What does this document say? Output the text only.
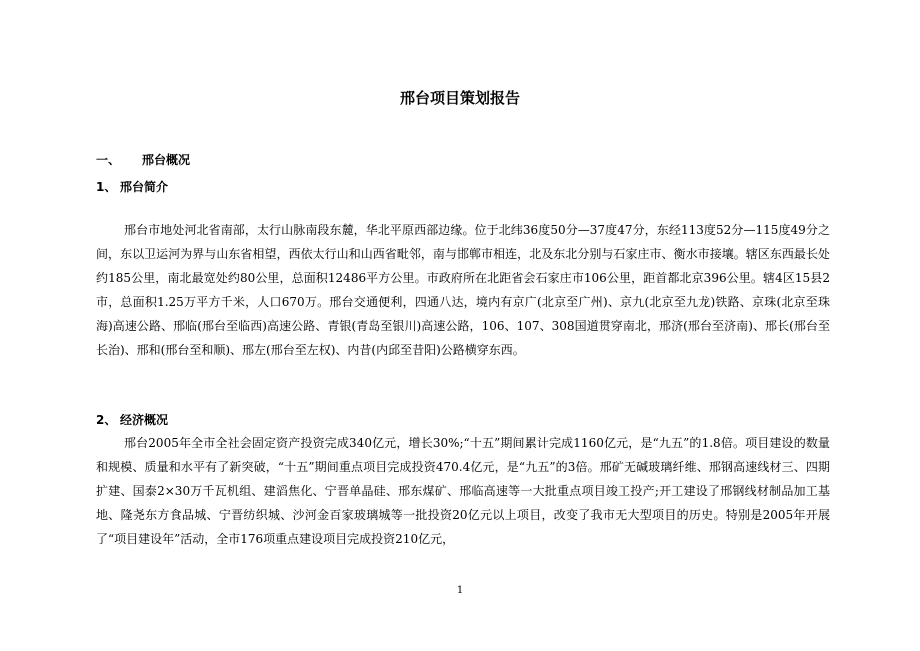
邢台项目策划报告
一、 邢台概况
1、 邢台简介

邢台市地处河北省南部，太行山脉南段东麓，华北平原西部边缘。位于北纬36度50分—37度47分，东经113度52分—115度49分之间，东以卫运河为界与山东省相望，西依太行山和山西省毗邻，南与邯郸市相连，北及东北分别与石家庄市、衡水市接壤。辖区东西最长处约185公里，南北最宽处约80公里，总面积12486平方公里。市政府所在北距省会石家庄市106公里，距首都北京396公里。辖4区15县2市，总面积1.25万平方千米，人口670万。邢台交通便利，四通八达，境内有京广(北京至广州)、京九(北京至九龙)铁路、京珠(北京至珠海)高速公路、邢临(邢台至临西)高速公路、青银(青岛至银川)高速公路，106、107、308国道贯穿南北，邢济(邢台至济南)、邢长(邢台至长治)、邢和(邢台至和顺)、邢左(邢台至左权)、内昔(内邱至昔阳)公路横穿东西。

2、 经济概况

邢台2005年全市全社会固定资产投资完成340亿元，增长30%;“十五”期间累计完成1160亿元，是“九五”的1.8倍。项目建设的数量和规模、质量和水平有了新突破，“十五”期间重点项目完成投资470.4亿元，是“九五”的3倍。邢矿无碱玻璃纤维、邢钢高速线材三、四期扩建、国泰2×30万千瓦机组、建滔焦化、宁晋单晶硅、邢东煤矿、邢临高速等一大批重点项目竣工投产;开工建设了邢钢线材制品加工基地、隆尧东方食品城、宁晋纺织城、沙河金百家玻璃城等一批投资20亿元以上项目，改变了我市无大型项目的历史。特别是2005年开展了“项目建设年”活动，全市176项重点建设项目完成投资210亿元，

1
